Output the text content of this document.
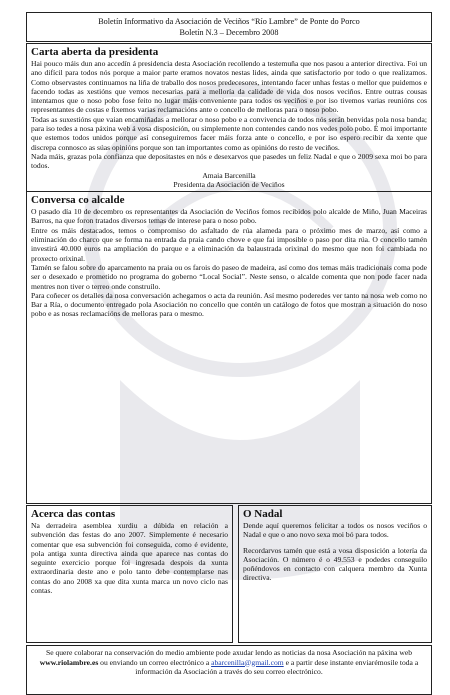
Boletín Informativo da Asociación de Veciños “Río Lambre” de Ponte do Porco
Boletín N.3 – Decembro 2008
Carta aberta da presidenta

Hai pouco máis dun ano accedín á presidencia desta Asociación recollendo a testemuña que nos pasou a anterior directiva. Foi un ano difícil para todos nós porque a maior parte eramos novatos nestas lides, ainda que satisfactorio por todo o que realizamos. Como observastes continuamos na liña de traballo dos nosos predecesores, intentando facer unhas festas o mellor que puidemos e facendo todas as xestións que vemos necesarias para a melloría da calidade de vida dos nosos veciños. Entre outras cousas intentamos que o noso pobo fose feito no lugar máis conveniente para todos os veciños e por iso tivemos varias reunións cos representantes de costas e fixemos varias reclamacións ante o concello de melloras para o noso pobo.

Todas as suxestións que vaian encamiñadas a mellorar o noso pobo e a convivencia de todos nós serán benvidas pola nosa banda; para iso tedes a nosa páxina web á vosa disposición, ou simplemente non contendes cando nos vedes polo pobo. É moi importante que estemos todos unidos porque así conseguiremos facer máis forza ante o concello, e por iso espero recibir da xente que discrepa connosco as súas opinións porque son tan importantes como as opinións do resto de veciños.

Nada máis, grazas pola confianza que depositastes en nós e desexarvos que pasedes un feliz Nadal e que o 2009 sexa moi bo para todos.

Amaia Barcenilla
Presidenta da Asociación de Veciños
Conversa co alcalde

O pasado día 10 de decembro os representantes da Asociación de Veciños fomos recibidos polo alcalde de Miño, Juan Maceiras Barros, na que foron tratados diversos temas de interese para o noso pobo.

Entre os máis destacados, temos o compromiso do asfaltado de rúa alameda para o próximo mes de marzo, así como a eliminación do charco que se forma na entrada da praia cando chove e que fai imposible o paso por dita rúa. O concello tamén investirá 40.000 euros na ampliación do parque e a eliminación da balaustrada orixinal do mesmo que non foi cambiada no proxecto orixinal.

Tamén se falou sobre do aparcamento na praia ou os farois do paseo de madeira, así como dos temas máis tradicionais coma pode ser o desexado e prometido no programa do goberno “Local Social”. Neste senso, o alcalde comenta que non pode facer nada mentres non tiver o terreo onde construílo.

Para coñecer os detalles da nosa conversación achegamos o acta da reunión. Así mesmo poderedes ver tanto na nosa web como no Bar a Ría, o documento entregado pola Asociación no concello que contén un catálogo de fotos que mostran a situación do noso pobo e as nosas reclamacións de melloras para o mesmo.

Acerca das contas

Na derradeira asemblea xurdiu a dúbida en relación a subvención das festas do ano 2007. Simplemente é necesario comentar que esa subvención foi conseguida, como é evidente, pola antiga xunta directiva ainda que aparece nas contas do seguinte exercicio porque foi ingresada despois da xunta extraordinaria deste ano e polo tanto debe contemplarse nas contas do ano 2008 xa que dita xunta marca un novo ciclo nas contas.

O Nadal

Dende aquí queremos felicitar a todos os nosos veciños o Nadal e que o ano novo sexa moi bó para todos.

Recordarvos tamén que está a vosa disposición a lotería da Asociación. O número é o 49.553 e podedes conseguilo poñéndovos en contacto con calquera membro da Xunta directiva.

Se quere colaborar na conservación do medio ambiente pode axudar lendo as noticias da nosa Asociación na páxina web www.riolambre.es ou enviando un correo electrónico a abarcenilla@gmail.com e a partir dese instante enviarémosile toda a información da Asociación a través do seu correo electrónico.
